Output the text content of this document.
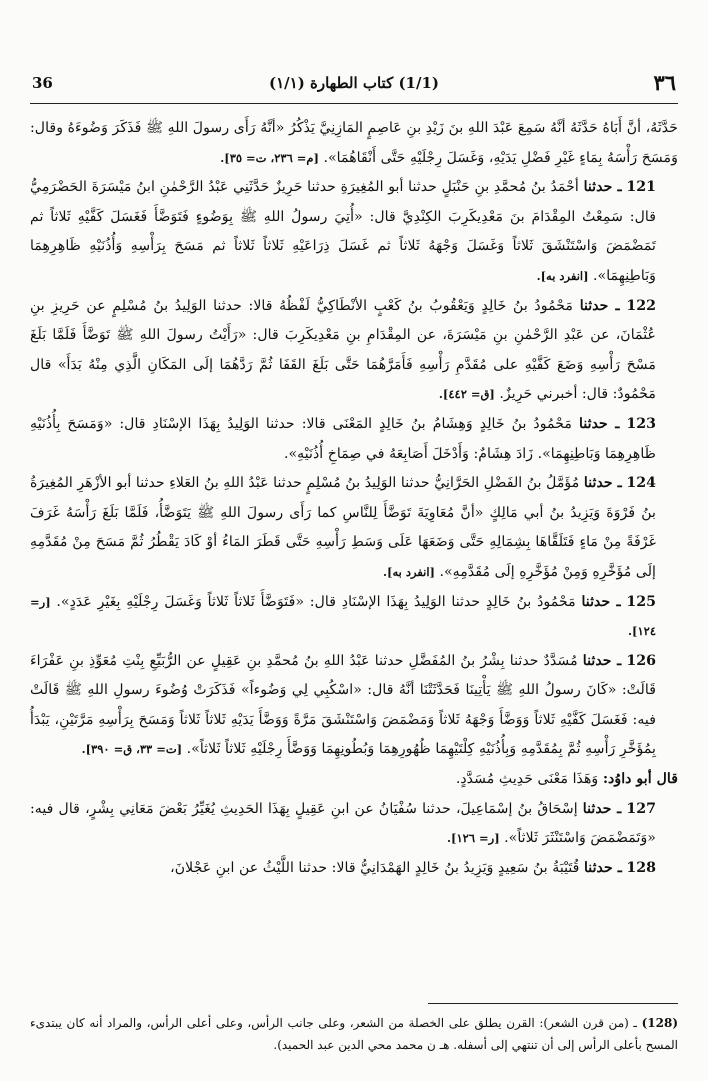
٣٦
(1/1) كتاب الطهارة (١/١)
36

حَدَّثَهُ، أنَّ أَبَاهُ حَدَّثَهُ أنَّهُ سَمِعَ عَبْدَ اللهِ بنَ زَيْدِ بنِ عَاصِمٍ المَازِنِيَّ يَذْكُرُ «أنَّهُ رَأَى رسولَ اللهِ ﷺ فَذَكَرَ وَضُوءَهُ وقال: وَمَسَحَ رَأْسَهُ بِمَاءٍ غَيْرِ فَضْلِ يَدَيْهِ، وَغَسَلَ رِجْلَيْهِ حَتَّى أَنْقَاهُمَا». [م= ٢٣٦، ت= ٣٥].

121 ـ حدثنا أحْمَدُ بنُ مُحمَّدِ بنِ حَنْبَلٍ حدثنا أبو المُغِيرَةِ حدثنا حَرِيزٌ حَدَّثَنِي عَبْدُ الرَّحْمٰنِ ابنُ مَيْسَرَةَ الحَضْرَمِيُّ قال: سَمِعْتُ المِقْدَامَ بنَ مَعْدِيكَرِبَ الكِنْدِيَّ قال: «أُتِيَ رسولُ اللهِ ﷺ بِوَضُوءٍ فَتَوَضَّأَ فَغَسَلَ كَفَّيْهِ ثَلاثاً ثم تَمَضْمَضَ وَاسْتَنْشَقَ ثَلاثاً وَغَسَلَ وَجْهَهُ ثَلاثاً ثم غَسَلَ ذِرَاعَيْهِ ثَلاثاً ثَلاثاً ثم مَسَحَ بِرَأْسِهِ وَأُذُنَيْهِ ظَاهِرِهِمَا وَبَاطِنِهِمَا». [انفرد به].

122 ـ حدثنا مَحْمُودُ بنُ خَالِدٍ وَيَعْقُوبُ بنُ كَعْبٍ الأنْطَاكِيُّ لَفْظُهُ قالا: حدثنا الوَلِيدُ بنُ مُسْلِمٍ عن حَرِيزِ بنِ عُثْمَانَ، عن عَبْدِ الرَّحْمٰنِ بنِ مَيْسَرَةَ، عن المِقْدَامِ بنِ مَعْدِيكَرِبَ قال: «رَأَيْتُ رسولَ اللهِ ﷺ تَوَضَّأَ فَلَمَّا بَلَغَ مَسْحَ رَأْسِهِ وَضَعَ كَفَّيْهِ على مُقَدَّمِ رَأْسِهِ فَأَمَرَّهُمَا حَتَّى بَلَغَ القَفَا ثُمَّ رَدَّهُمَا إلَى المَكَانِ الَّذِي مِنْهُ بَدَأَ» قال مَحْمُودٌ: قال: أخبرني حَرِيزٌ. [ق= ٤٤٢].

123 ـ حدثنا مَحْمُودُ بنُ خَالِدٍ وَهِشَامُ بنُ خَالِدٍ المَعْنَى قالا: حدثنا الوَلِيدُ بِهَذَا الإسْنَادِ قال: «وَمَسَحَ بِأُذُنَيْهِ ظَاهِرِهِمَا وَبَاطِنِهِمَا». زَادَ هِشَامٌ: وَأَدْخَلَ أَصَابِعَهُ في صِمَاخِ أُذُنَيْهِ».

124 ـ حدثنا مُؤَمَّلُ بنُ الفَضْلِ الحَرَّانِيُّ حدثنا الوَلِيدُ بنُ مُسْلِمٍ حدثنا عَبْدُ اللهِ بنُ العَلاءِ حدثنا أبو الأزْهَرِ المُغِيرَةُ بنُ فَرْوَةَ وَيَزِيدُ بنُ أبي مَالِكٍ «أنَّ مُعَاوِيَةَ تَوَضَّأَ لِلنَّاسِ كما رَأَى رسولَ اللهِ ﷺ يَتَوَضَّأُ، فَلَمَّا بَلَغَ رَأْسَهُ غَرَفَ غَرْفَةً مِنْ مَاءٍ فَتَلَقَّاهَا بِشِمَالِهِ حَتَّى وَضَعَهَا عَلَى وَسَطِ رَأْسِهِ حَتَّى قَطَرَ المَاءُ أوْ كَادَ يَقْطُرُ ثُمَّ مَسَحَ مِنْ مُقَدَّمِهِ إلَى مُؤَخَّرِهِ وَمِنْ مُؤَخَّرِهِ إلَى مُقَدَّمِهِ». [انفرد به].

125 ـ حدثنا مَحْمُودُ بنُ خَالِدٍ حدثنا الوَلِيدُ بِهَذَا الإسْنَادِ قال: «فَتَوَضَّأَ ثَلاثاً ثَلاثاً وَغَسَلَ رِجْلَيْهِ بِغَيْرِ عَدَدٍ». [ر= ١٢٤].

126 ـ حدثنا مُسَدَّدٌ حدثنا بِشْرُ بنُ المُفَضَّلِ حدثنا عَبْدُ اللهِ بنُ مُحمَّدِ بنِ عَقِيلٍ عن الرُّبَيِّعِ بِنْتِ مُعَوِّذِ بنِ عَفْرَاءَ قَالَتْ: «كَانَ رسولُ اللهِ ﷺ يَأْتِينَا فَحَدَّثَتْنَا أنَّهُ قال: «اسْكُبِي لِي وَضُوءاً» فَذَكَرَتْ وُضُوءَ رسولِ اللهِ ﷺ قَالَتْ فيه: فَغَسَلَ كَفَّيْهِ ثَلاثاً وَوَضَّأَ وَجْهَهُ ثَلاثاً وَمَضْمَضَ وَاسْتَنْشَقَ مَرَّةً وَوَضَّأَ يَدَيْهِ ثَلاثاً ثَلاثاً وَمَسَحَ بِرَأْسِهِ مَرَّتَيْنِ، يَبْدَأُ بِمُؤَخَّرِ رَأْسِهِ ثُمَّ بِمُقَدَّمِهِ وَبِأُذُنَيْهِ كِلْتَيْهِمَا ظُهُورِهِمَا وَبُطُونِهِمَا وَوَضَّأَ رِجْلَيْهِ ثَلاثاً ثَلاثاً». [ت= ٣٣، ق= ٣٩٠].

قال أبو داوُد: وَهَذَا مَعْنَى حَدِيثِ مُسَدَّدٍ.

127 ـ حدثنا إسْحَاقُ بنُ إسْمَاعِيلَ، حدثنا سُفْيَانُ عن ابنِ عَقِيلٍ بِهَذَا الحَدِيثِ يُغَيِّرُ بَعْضَ مَعَانِي بِشْرٍ، قال فيه: «وَتَمَضْمَضَ وَاسْتَنْثَرَ ثَلاثاً». [ر= ١٢٦].

128 ـ حدثنا قُتَيْبَةُ بنُ سَعِيدٍ وَيَزِيدُ بنُ خَالِدٍ الهَمْدَانِيُّ قالا: حدثنا اللَّيْثُ عن ابنِ عَجْلانَ،

(128) ـ (من قرن الشعر): القرن يطلق على الخصلة من الشعر، وعلى جانب الرأس، وعلى أعلى الرأس، والمراد أنه كان يبتدىء المسح بأعلى الرأس إلى أن تنتهي إلى أسفله. هـ ن محمد محي الدين عبد الحميد).
